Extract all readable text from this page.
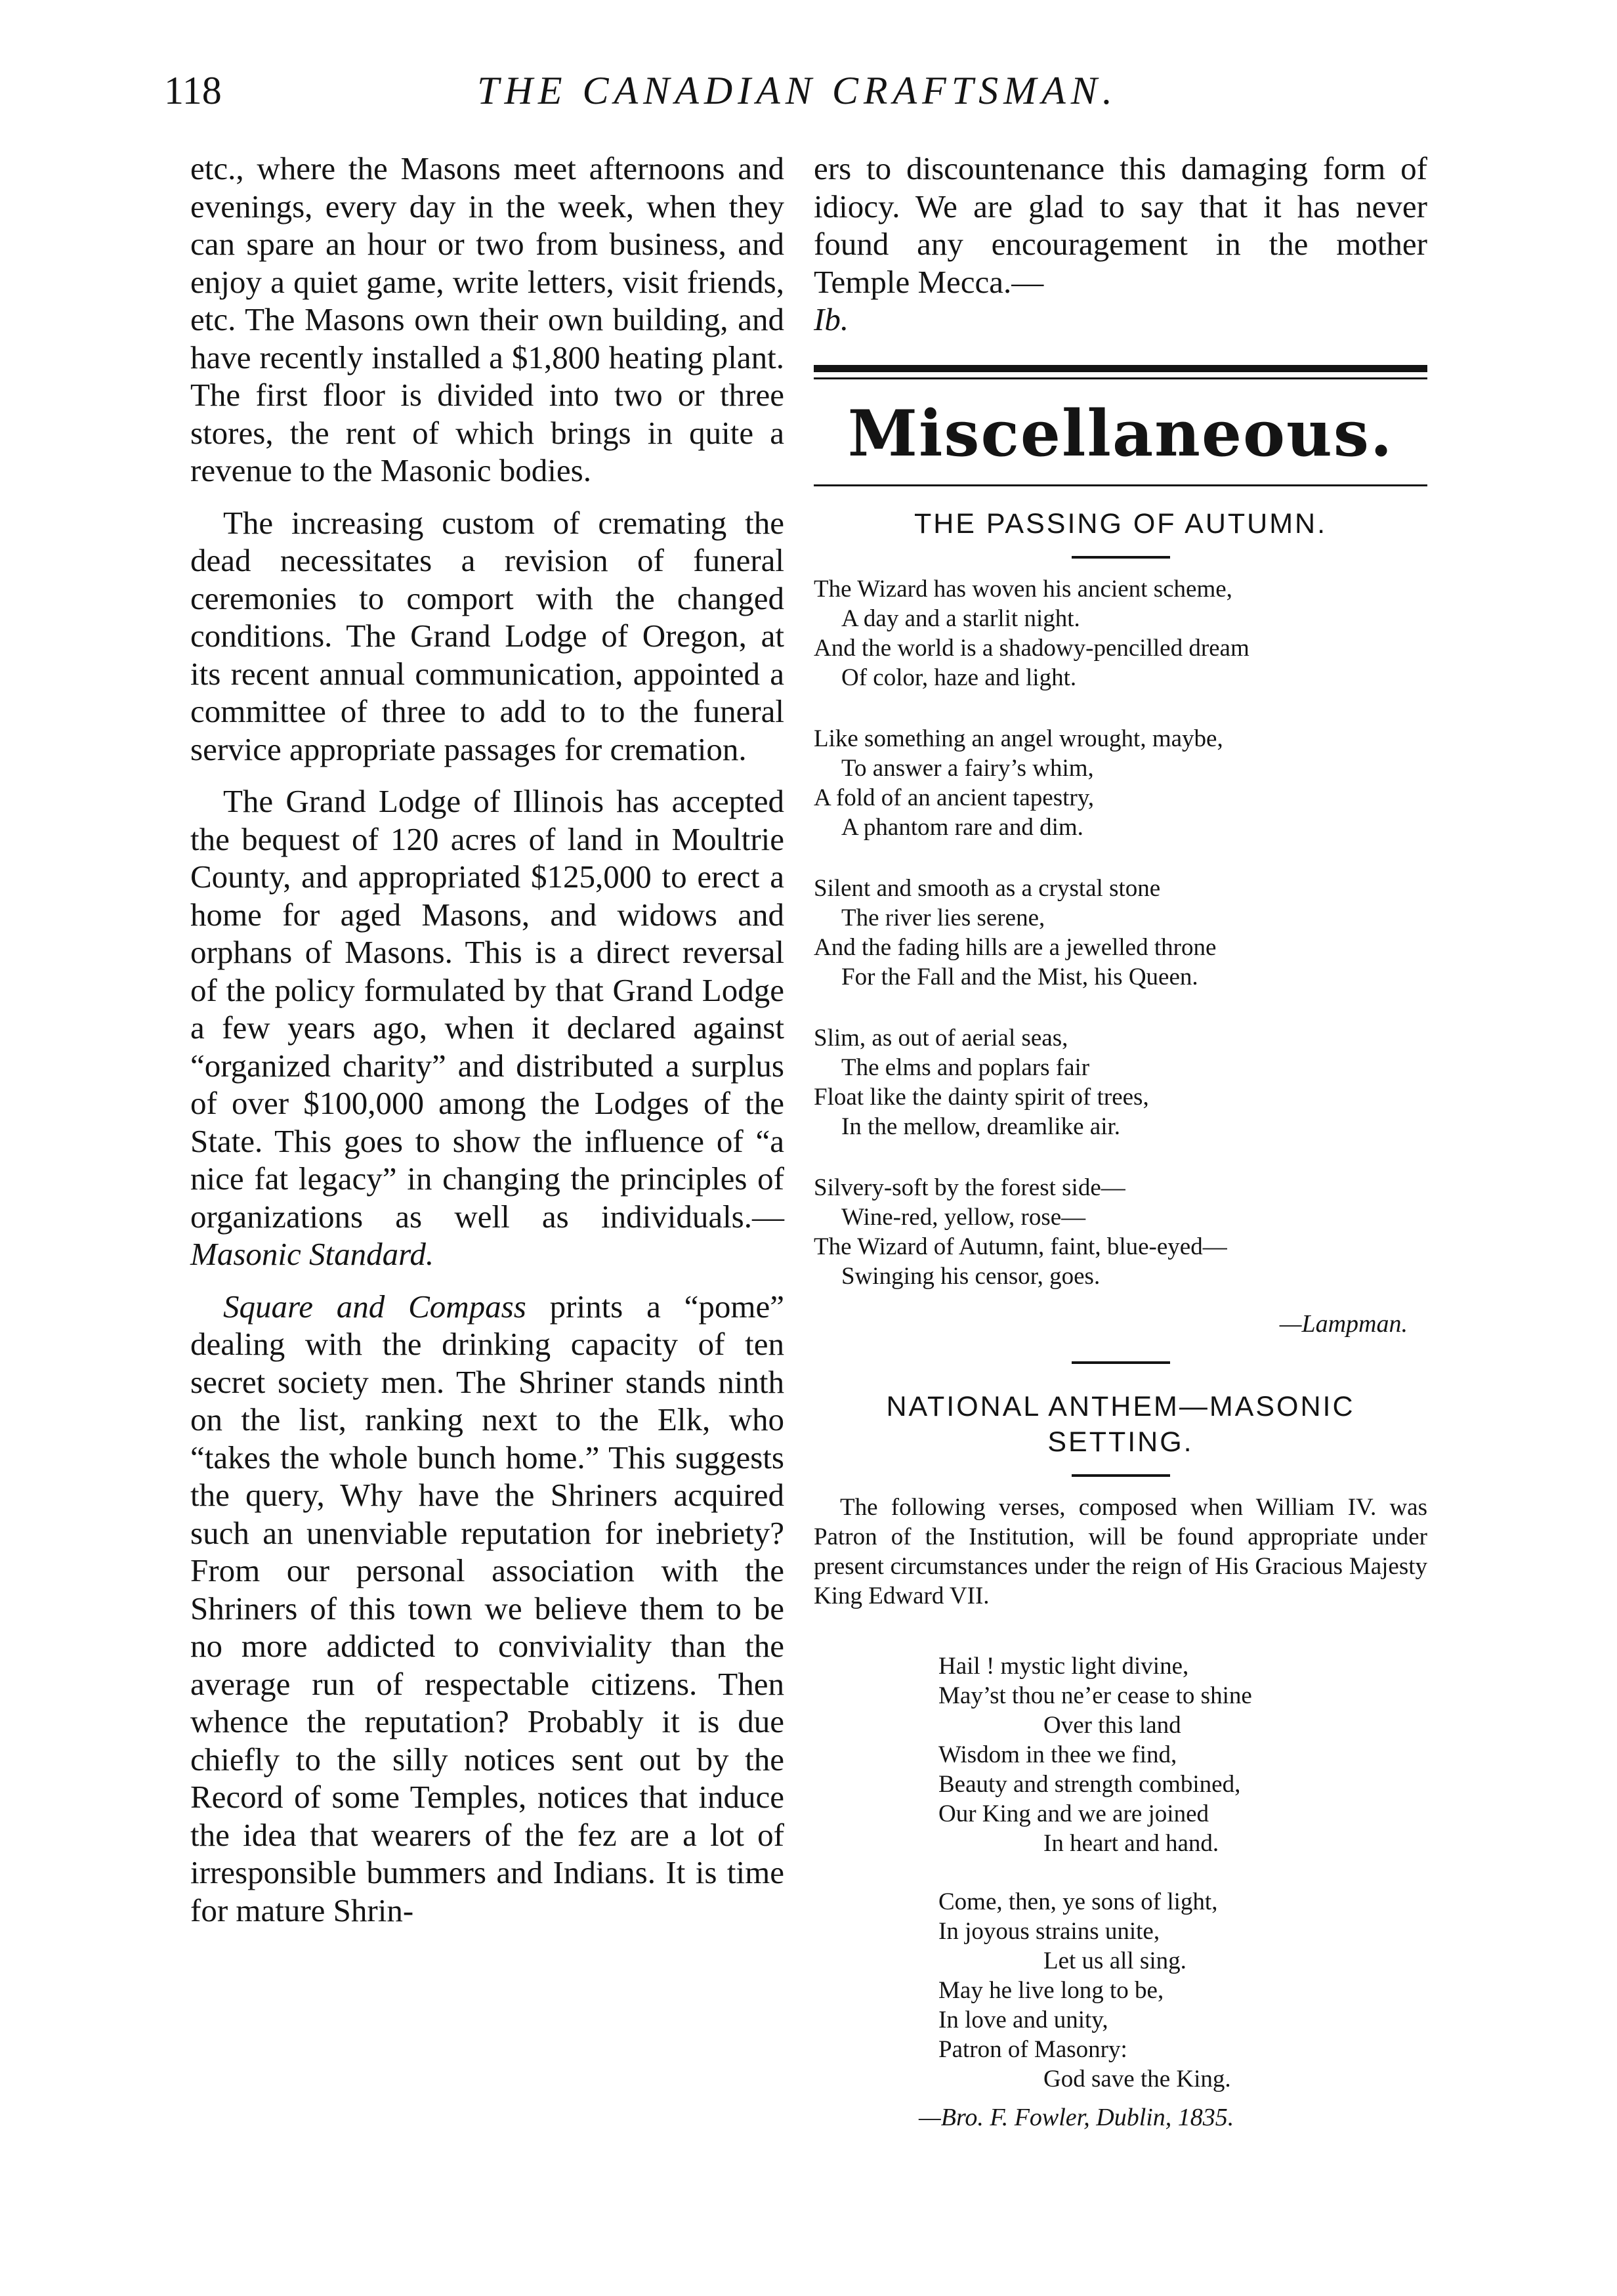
118	THE CANADIAN CRAFTSMAN.

etc., where the Masons meet afternoons and evenings, every day in the week, when they can spare an hour or two from business, and enjoy a quiet game, write letters, visit friends, etc. The Masons own their own building, and have recently installed a $1,800 heating plant. The first floor is divided into two or three stores, the rent of which brings in quite a revenue to the Masonic bodies.

The increasing custom of cremating the dead necessitates a revision of funeral ceremonies to comport with the changed conditions. The Grand Lodge of Oregon, at its recent annual communication, appointed a committee of three to add to to the funeral service appropriate passages for cremation.

The Grand Lodge of Illinois has accepted the bequest of 120 acres of land in Moultrie County, and appropriated $125,000 to erect a home for aged Masons, and widows and orphans of Masons. This is a direct reversal of the policy formulated by that Grand Lodge a few years ago, when it declared against “organized charity” and distributed a surplus of over $100,000 among the Lodges of the State. This goes to show the influence of “a nice fat legacy” in changing the principles of organizations as well as individuals.—Masonic Standard.

Square and Compass prints a “pome” dealing with the drinking capacity of ten secret society men. The Shriner stands ninth on the list, ranking next to the Elk, who “takes the whole bunch home.” This suggests the query, Why have the Shriners acquired such an unenviable reputation for inebriety? From our personal association with the Shriners of this town we believe them to be no more addicted to conviviality than the average run of respectable citizens. Then whence the reputation? Probably it is due chiefly to the silly notices sent out by the Record of some Temples, notices that induce the idea that wearers of the fez are a lot of irresponsible bummers and Indians. It is time for mature Shrin-

ers to discountenance this damaging form of idiocy. We are glad to say that it has never found any encouragement in the mother Temple Mecca.—
Ib.

Miscellaneous.
THE PASSING OF AUTUMN.
The Wizard has woven his ancient scheme,
A day and a starlit night.
And the world is a shadowy-pencilled dream
Of color, haze and light.
Like something an angel wrought, maybe,
To answer a fairy’s whim,
A fold of an ancient tapestry,
A phantom rare and dim.
Silent and smooth as a crystal stone
The river lies serene,
And the fading hills are a jewelled throne
For the Fall and the Mist, his Queen.
Slim, as out of aerial seas,
The elms and poplars fair
Float like the dainty spirit of trees,
In the mellow, dreamlike air.
Silvery-soft by the forest side—
Wine-red, yellow, rose—
The Wizard of Autumn, faint, blue-eyed—
Swinging his censor, goes.
—Lampman.
NATIONAL ANTHEM—MASONIC
SETTING.

The following verses, composed when William IV. was Patron of the Institution, will be found appropriate under present circumstances under the reign of His Gracious Majesty King Edward VII.

Hail ! mystic light divine,
May’st thou ne’er cease to shine
Over this land
Wisdom in thee we find,
Beauty and strength combined,
Our King and we are joined
In heart and hand.
Come, then, ye sons of light,
In joyous strains unite,
Let us all sing.
May he live long to be,
In love and unity,
Patron of Masonry:
God save the King.
—Bro. F. Fowler, Dublin, 1835.
